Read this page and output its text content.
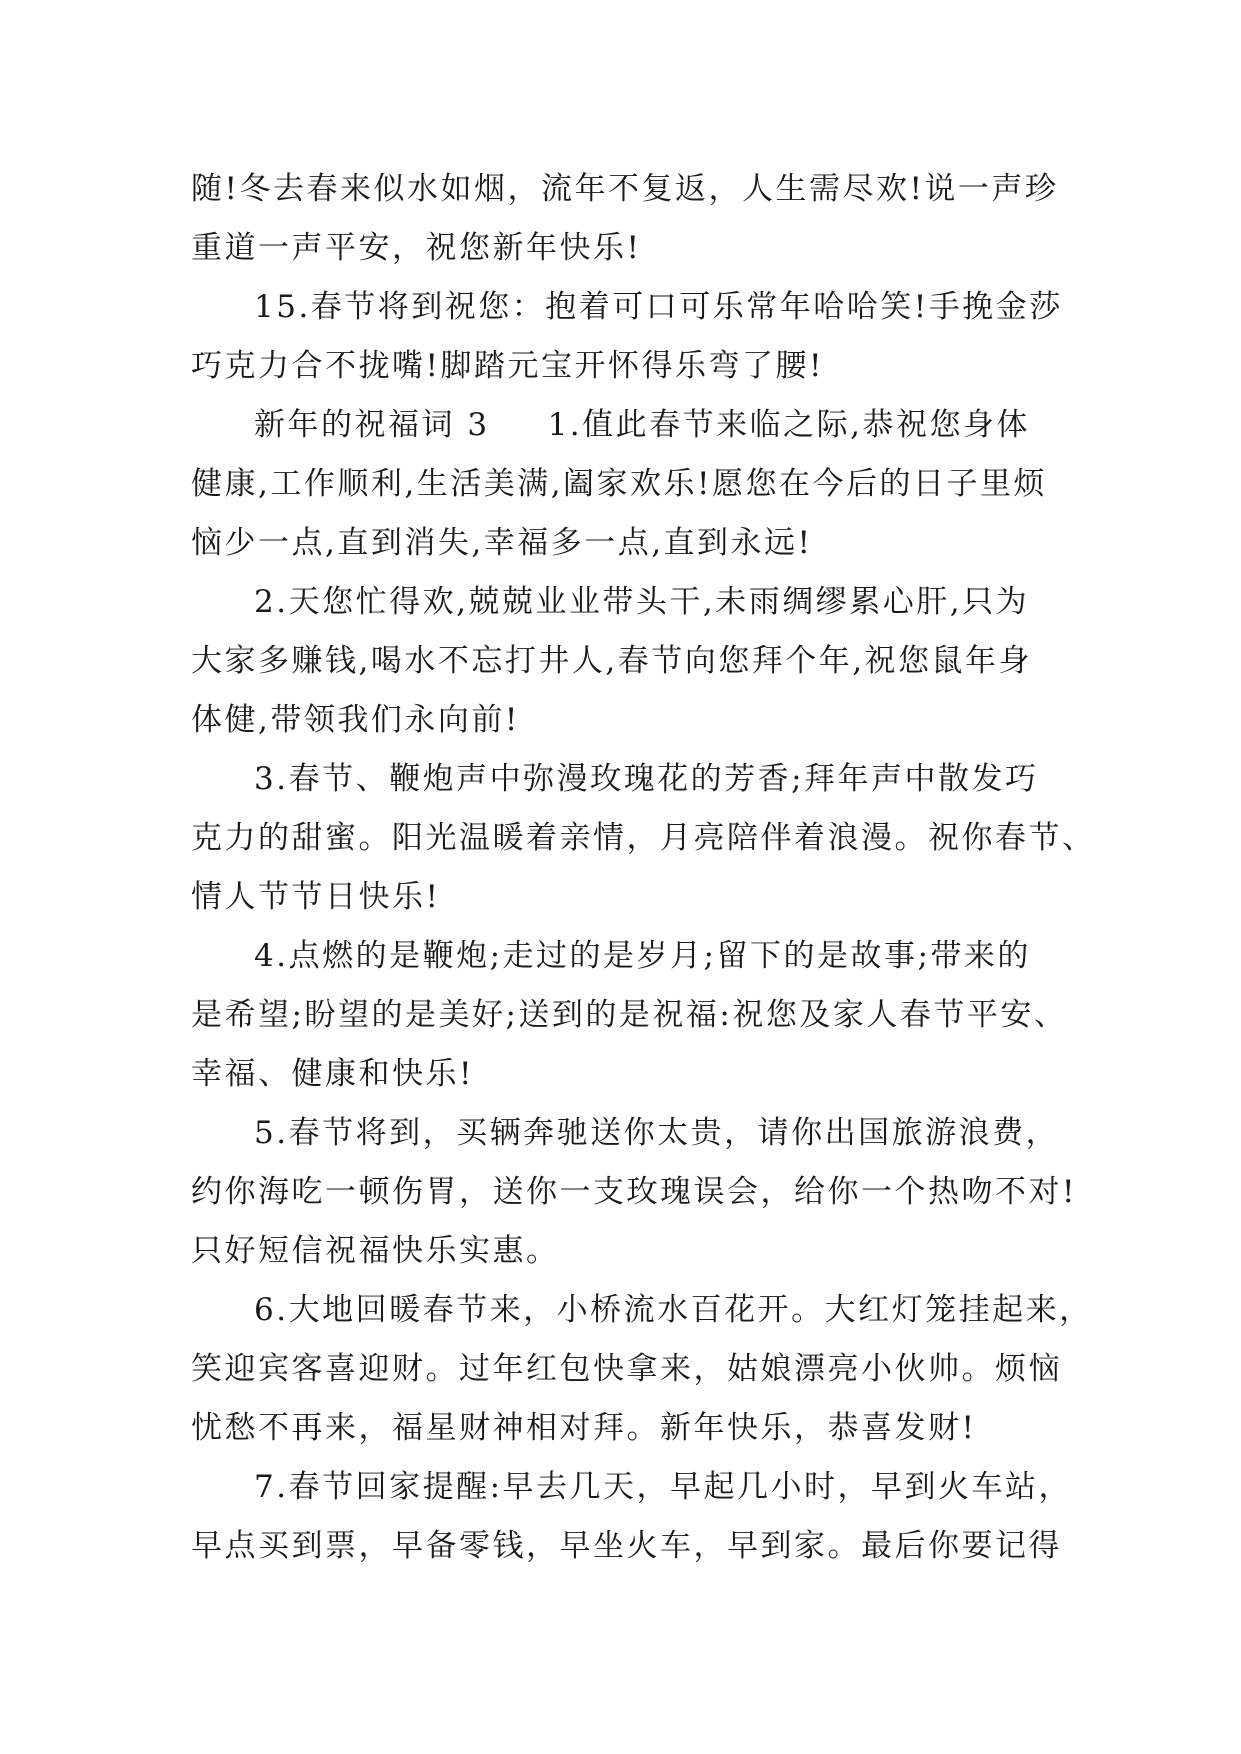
随!冬去春来似水如烟，流年不复返，人生需尽欢!说一声珍
重道一声平安，祝您新年快乐!
15.春节将到祝您：抱着可口可乐常年哈哈笑!手挽金莎
巧克力合不拢嘴!脚踏元宝开怀得乐弯了腰!
新年的祝福词 3 1.值此春节来临之际,恭祝您身体
健康,工作顺利,生活美满,阖家欢乐!愿您在今后的日子里烦
恼少一点,直到消失,幸福多一点,直到永远!
2.天您忙得欢,兢兢业业带头干,未雨绸缪累心肝,只为
大家多赚钱,喝水不忘打井人,春节向您拜个年,祝您鼠年身
体健,带领我们永向前!
3.春节、鞭炮声中弥漫玫瑰花的芳香;拜年声中散发巧
克力的甜蜜。阳光温暖着亲情，月亮陪伴着浪漫。祝你春节、
情人节节日快乐!
4.点燃的是鞭炮;走过的是岁月;留下的是故事;带来的
是希望;盼望的是美好;送到的是祝福:祝您及家人春节平安、
幸福、健康和快乐!
5.春节将到，买辆奔驰送你太贵，请你出国旅游浪费，
约你海吃一顿伤胃，送你一支玫瑰误会，给你一个热吻不对!
只好短信祝福快乐实惠。
6.大地回暖春节来，小桥流水百花开。大红灯笼挂起来，
笑迎宾客喜迎财。过年红包快拿来，姑娘漂亮小伙帅。烦恼
忧愁不再来，福星财神相对拜。新年快乐，恭喜发财!
7.春节回家提醒:早去几天，早起几小时，早到火车站，
早点买到票，早备零钱，早坐火车，早到家。最后你要记得
